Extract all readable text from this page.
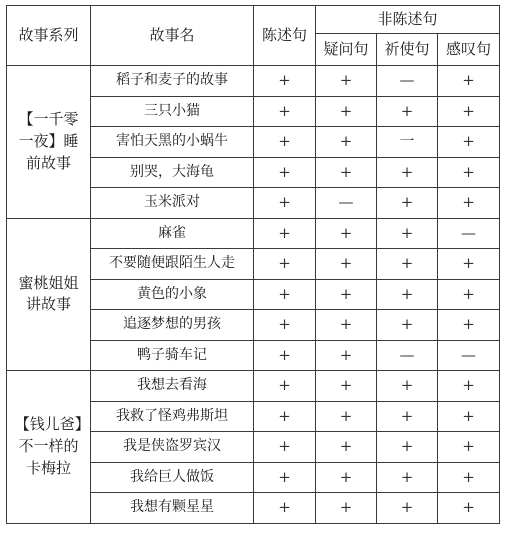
故事系列	故事名	陈述句	非陈述句		
			疑问句	祈使句	感叹句
【一千零一夜】睡前故事	稻子和麦子的故事	+	+	—	+
	三只小猫	+	+	+	+
	害怕天黑的小蜗牛	+	+	一	+
	别哭，大海龟	+	+	+	+
	玉米派对	+	—	+	+
蜜桃姐姐讲故事	麻雀	+	+	+	—
	不要随便跟陌生人走	+	+	+	+
	黄色的小象	+	+	+	+
	追逐梦想的男孩	+	+	+	+
	鸭子骑车记	+	+	—	—
【钱儿爸】不一样的卡梅拉	我想去看海	+	+	+	+
	我救了怪鸡弗斯坦	+	+	+	+
	我是侠盗罗宾汉	+	+	+	+
	我给巨人做饭	+	+	+	+
	我想有颗星星	+	+	+	+
